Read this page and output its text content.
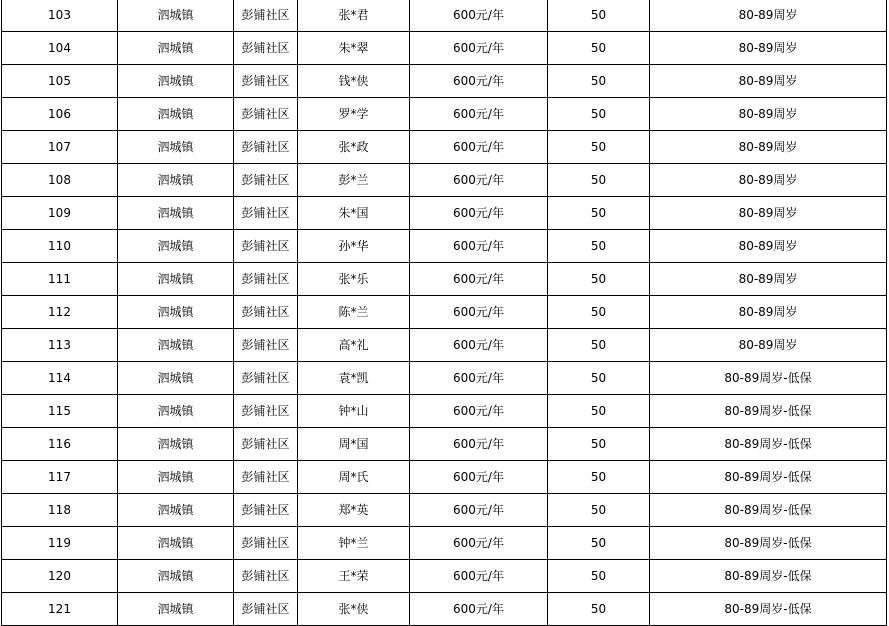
103	泗城镇	彭铺社区	张*君	600元/年	50	80-89周岁
104	泗城镇	彭铺社区	朱*翠	600元/年	50	80-89周岁
105	泗城镇	彭铺社区	钱*侠	600元/年	50	80-89周岁
106	泗城镇	彭铺社区	罗*学	600元/年	50	80-89周岁
107	泗城镇	彭铺社区	张*政	600元/年	50	80-89周岁
108	泗城镇	彭铺社区	彭*兰	600元/年	50	80-89周岁
109	泗城镇	彭铺社区	朱*国	600元/年	50	80-89周岁
110	泗城镇	彭铺社区	孙*华	600元/年	50	80-89周岁
111	泗城镇	彭铺社区	张*乐	600元/年	50	80-89周岁
112	泗城镇	彭铺社区	陈*兰	600元/年	50	80-89周岁
113	泗城镇	彭铺社区	高*礼	600元/年	50	80-89周岁
114	泗城镇	彭铺社区	袁*凯	600元/年	50	80-89周岁-低保
115	泗城镇	彭铺社区	钟*山	600元/年	50	80-89周岁-低保
116	泗城镇	彭铺社区	周*国	600元/年	50	80-89周岁-低保
117	泗城镇	彭铺社区	周*氏	600元/年	50	80-89周岁-低保
118	泗城镇	彭铺社区	郑*英	600元/年	50	80-89周岁-低保
119	泗城镇	彭铺社区	钟*兰	600元/年	50	80-89周岁-低保
120	泗城镇	彭铺社区	王*荣	600元/年	50	80-89周岁-低保
121	泗城镇	彭铺社区	张*侠	600元/年	50	80-89周岁-低保
